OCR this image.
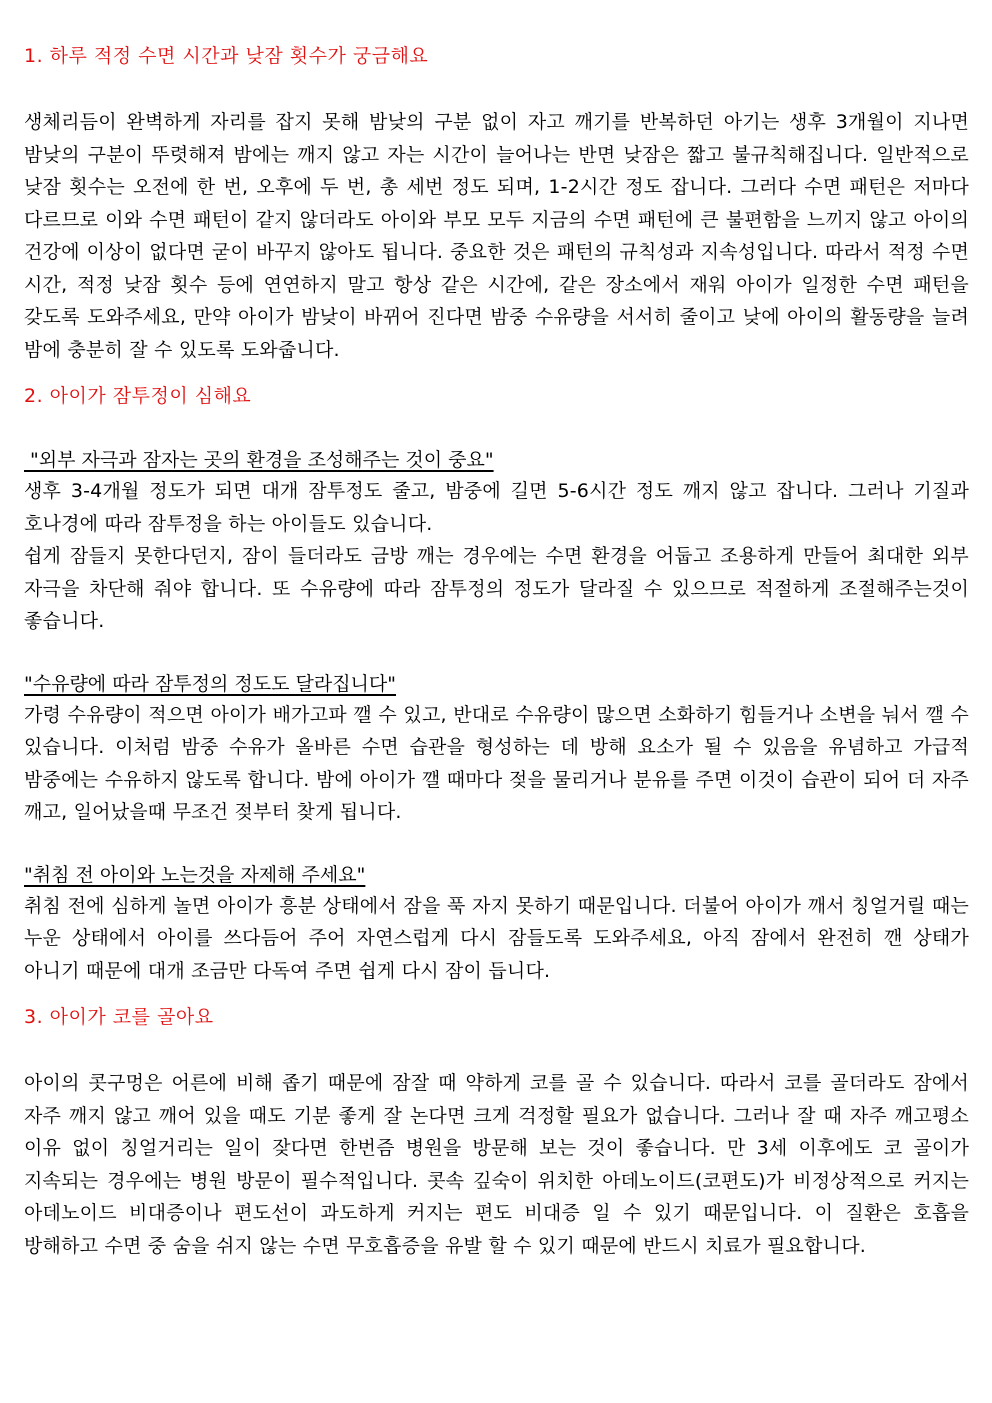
1. 하루 적정 수면 시간과 낮잠 횟수가 궁금해요

생체리듬이 완벽하게 자리를 잡지 못해 밤낮의 구분 없이 자고 깨기를 반복하던 아기는 생후 3개월이 지나면 밤낮의 구분이 뚜렷해져 밤에는 깨지 않고 자는 시간이 늘어나는 반면 낮잠은 짧고 불규칙해집니다. 일반적으로 낮잠 횟수는 오전에 한 번, 오후에 두 번, 총 세번 정도 되며, 1-2시간 정도 잡니다. 그러다 수면 패턴은 저마다 다르므로 이와 수면 패턴이 같지 않더라도 아이와 부모 모두 지금의 수면 패턴에 큰 불편함을 느끼지 않고 아이의 건강에 이상이 없다면 굳이 바꾸지 않아도 됩니다. 중요한 것은 패턴의 규칙성과 지속성입니다. 따라서 적정 수면 시간, 적정 낮잠 횟수 등에 연연하지 말고 항상 같은 시간에, 같은 장소에서 재워 아이가 일정한 수면 패턴을 갖도록 도와주세요, 만약 아이가 밤낮이 바뀌어 진다면 밤중 수유량을 서서히 줄이고 낮에 아이의 활동량을 늘려 밤에 충분히 잘 수 있도록 도와줍니다.

2. 아이가 잠투정이 심해요
"외부 자극과 잠자는 곳의 환경을 조성해주는 것이 중요"

생후 3-4개월 정도가 되면 대개 잠투정도 줄고, 밤중에 길면 5-6시간 정도 깨지 않고 잡니다. 그러나 기질과 호나경에 따라 잠투정을 하는 아이들도 있습니다.

쉽게 잠들지 못한다던지, 잠이 들더라도 금방 깨는 경우에는 수면 환경을 어둡고 조용하게 만들어 최대한 외부 자극을 차단해 줘야 합니다. 또 수유량에 따라 잠투정의 정도가 달라질 수 있으므로 적절하게 조절해주는것이 좋습니다.

"수유량에 따라 잠투정의 정도도 달라집니다"

가령 수유량이 적으면 아이가 배가고파 깰 수 있고, 반대로 수유량이 많으면 소화하기 힘들거나 소변을 눠서 깰 수 있습니다. 이처럼 밤중 수유가 올바른 수면 습관을 형성하는 데 방해 요소가 될 수 있음을 유념하고 가급적 밤중에는 수유하지 않도록 합니다. 밤에 아이가 깰 때마다 젖을 물리거나 분유를 주면 이것이 습관이 되어 더 자주 깨고, 일어났을때 무조건 젖부터 찾게 됩니다.

"취침 전 아이와 노는것을 자제해 주세요"

취침 전에 심하게 놀면 아이가 흥분 상태에서 잠을 푹 자지 못하기 때문입니다. 더불어 아이가 깨서 칭얼거릴 때는 누운 상태에서 아이를 쓰다듬어 주어 자연스럽게 다시 잠들도록 도와주세요, 아직 잠에서 완전히 깬 상태가 아니기 때문에 대개 조금만 다독여 주면 쉽게 다시 잠이 듭니다.

3. 아이가 코를 골아요

아이의 콧구멍은 어른에 비해 좁기 때문에 잠잘 때 약하게 코를 골 수 있습니다. 따라서 코를 골더라도 잠에서 자주 깨지 않고 깨어 있을 때도 기분 좋게 잘 논다면 크게 걱정할 필요가 없습니다. 그러나 잘 때 자주 깨고평소 이유 없이 칭얼거리는 일이 잦다면 한번즘 병원을 방문해 보는 것이 좋습니다. 만 3세 이후에도 코 골이가 지속되는 경우에는 병원 방문이 필수적입니다. 콧속 깊숙이 위치한 아데노이드(코편도)가 비정상적으로 커지는 아데노이드 비대증이나 편도선이 과도하게 커지는 편도 비대증 일 수 있기 때문입니다. 이 질환은 호흡을 방해하고 수면 중 숨을 쉬지 않는 수면 무호흡증을 유발 할 수 있기 때문에 반드시 치료가 필요합니다.
